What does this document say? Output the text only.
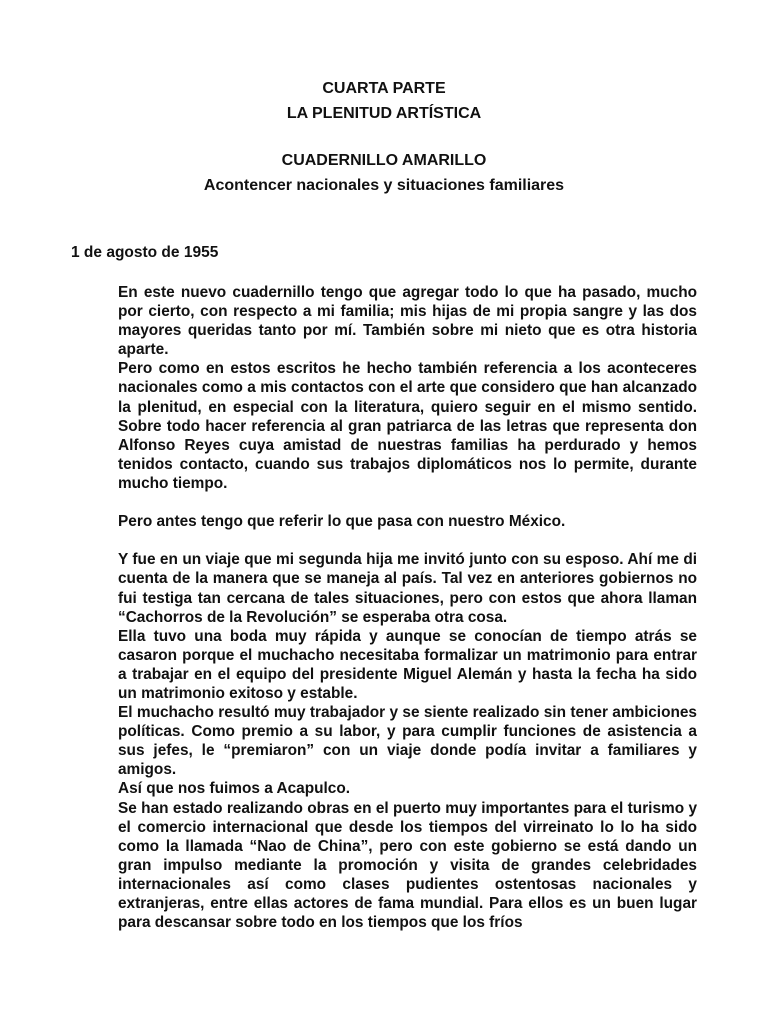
CUARTA PARTE
LA PLENITUD ARTÍSTICA
CUADERNILLO AMARILLO
Acontencer nacionales y situaciones familiares
1 de agosto de 1955

En este nuevo cuadernillo tengo que agregar todo lo que ha pasado, mucho por cierto, con respecto a mi familia; mis hijas de mi propia sangre y las dos mayores queridas tanto por mí. También sobre mi nieto que es otra historia aparte.

Pero como en estos escritos he hecho también referencia a los aconteceres nacionales como a mis contactos con el arte que considero que han alcanzado la plenitud, en especial con la literatura, quiero seguir en el mismo sentido. Sobre todo hacer referencia al gran patriarca de las letras que representa don Alfonso Reyes cuya amistad de nuestras familias ha perdurado y hemos tenidos contacto, cuando sus trabajos diplomáticos nos lo permite, durante mucho tiempo.

Pero antes tengo que referir lo que pasa con nuestro México.

Y fue en un viaje que mi segunda hija me invitó junto con su esposo. Ahí me di cuenta de la manera que se maneja al país. Tal vez en anteriores gobiernos no fui testiga tan cercana de tales situaciones, pero con estos que ahora llaman “Cachorros de la Revolución” se esperaba otra cosa.

Ella tuvo una boda muy rápida y aunque se conocían de tiempo atrás se casaron porque el muchacho necesitaba formalizar un matrimonio para entrar a trabajar en el equipo del presidente Miguel Alemán y hasta la fecha ha sido un matrimonio exitoso y estable.

El muchacho resultó muy trabajador y se siente realizado sin tener ambiciones políticas. Como premio a su labor, y para cumplir funciones de asistencia a sus jefes, le “premiaron” con un viaje donde podía invitar a familiares y amigos.

Así que nos fuimos a Acapulco.

Se han estado realizando obras en el puerto muy importantes para el turismo y el comercio internacional que desde los tiempos del virreinato lo lo ha sido como la llamada “Nao de China”, pero con este gobierno se está dando un gran impulso mediante la promoción y visita de grandes celebridades internacionales así como clases pudientes ostentosas nacionales y extranjeras, entre ellas actores de fama mundial. Para ellos es un buen lugar para descansar sobre todo en los tiempos que los fríos
